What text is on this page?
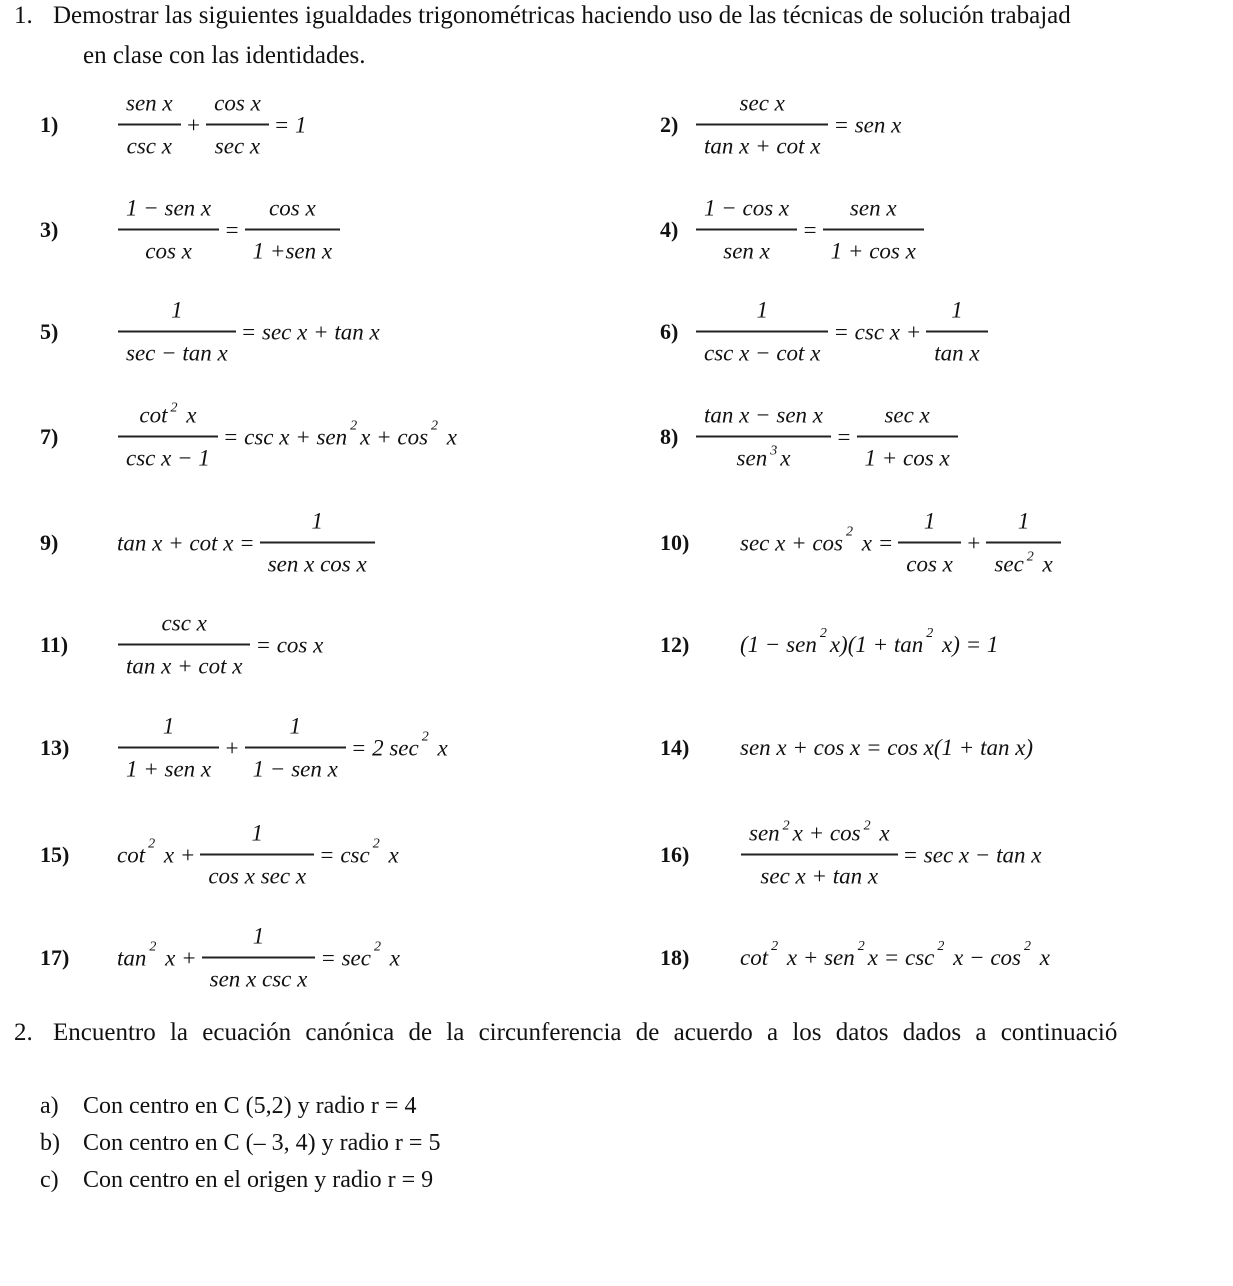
1. Demostrar las siguientes igualdades trigonométricas haciendo uso de las técnicas de solución trabajad
en clase con las identidades.
1)	$\frac{\text{sen x}}{\text{csc x}} + \frac{\text{cos x}}{\text{sec x}} = 1$	$2) \frac{\text{sec x}}{\text{tan x + cot x}}$ = sen x
3)	$\frac{\text{1 − sen x}}{\text{cos x}} = \frac{\text{cos x}}{\text{1 +sen x}}$	$4) \frac{\text{1 − cos x}}{\text{sen x}} = \frac{\text{sen x}}{\text{1 + cos x}}$
5)	$\frac{1}{\text{sec − tan x}} = \sec x + \tan x$	$6) \frac{1}{\text{csc x − cot x}} = \csc x + \frac{1}{\text{tan x}}$
7)	$\frac{\cot ^2 x}{\text{csc x − 1}} = \csc x$ + sen 2 x + cos 2 x	$8) \frac{\text{tan x − sen x}}{sen ^3 x} = \frac{\text{sec x}}{\text{1 + cos x}}$
9)	$\tan x + \cot x = \frac{1}{\text{sen x cos x}}$	10) sec x + cos 2 $x = \frac{1}{\text{cos x}} + \frac{1}{\sec ^2 x}$
$11) \frac{\text{csc x}}{\text{tan x + cot x}} = \cos x$	12) (1 − sen 2 x)(1 + tan 2 x) = 1
$13) \frac{1}{\text{1 + sen x}} + \frac{1}{\text{1 − sen x}} = 2$ sec 2 x	14) sen x + cos x = cos x(1 + tan x)
15) cot 2 $x + \frac{1}{\text{cos x sec x}} = \csc 2$ x	$16) \frac{sen ^2 x + \cos ^2 x}{\text{sec x + tan x}} = \sec x - \tan x$
17) tan 2 $x + \frac{1}{\text{sen x csc x}} = \sec 2$ x	18) cot 2 x + sen 2 x = csc 2 x − cos 2 x
2. Encuentro la ecuación canónica de la circunferencia de acuerdo a los datos dados a continuació
a) Con centro en C (5,2) y radio r = 4
b) Con centro en C (– 3, 4) y radio r = 5
c) Con centro en el origen y radio r = 9
